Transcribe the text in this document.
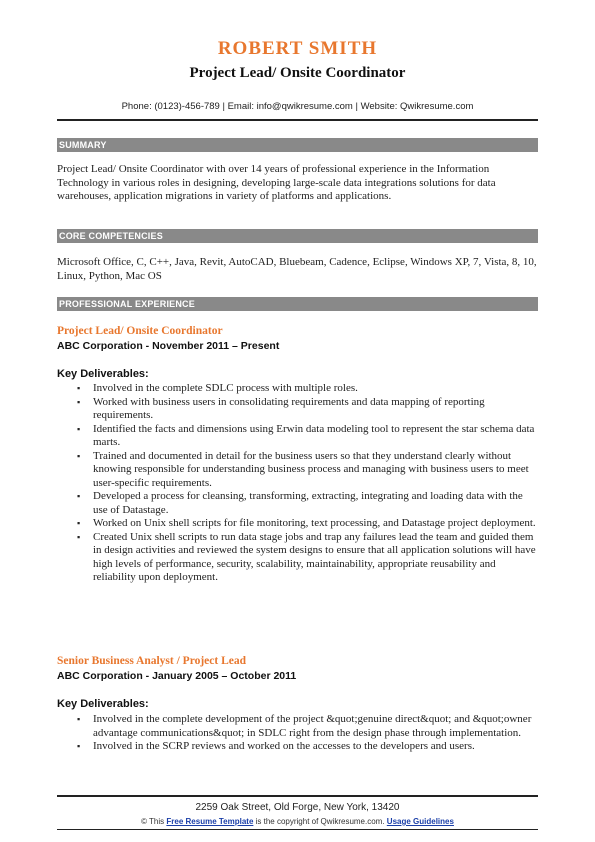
ROBERT SMITH
Project Lead/ Onsite Coordinator
Phone: (0123)-456-789 | Email: info@qwikresume.com | Website: Qwikresume.com
SUMMARY
Project Lead/ Onsite Coordinator with over 14 years of professional experience in the Information Technology in various roles in designing, developing large-scale data integrations solutions for data warehouses, application migrations in variety of platforms and applications.
CORE COMPETENCIES
Microsoft Office, C, C++, Java, Revit, AutoCAD, Bluebeam, Cadence, Eclipse, Windows XP, 7, Vista, 8, 10, Linux, Python, Mac OS
PROFESSIONAL EXPERIENCE
Project Lead/ Onsite Coordinator
ABC Corporation - November 2011 – Present
Key Deliverables:
▪ Involved in the complete SDLC process with multiple roles.
▪ Worked with business users in consolidating requirements and data mapping of reporting requirements.
▪ Identified the facts and dimensions using Erwin data modeling tool to represent the star schema data marts.
▪ Trained and documented in detail for the business users so that they understand clearly without knowing responsible for understanding business process and managing with business users to meet user-specific requirements.
▪ Developed a process for cleansing, transforming, extracting, integrating and loading data with the use of Datastage.
▪ Worked on Unix shell scripts for file monitoring, text processing, and Datastage project deployment.
▪ Created Unix shell scripts to run data stage jobs and trap any failures lead the team and guided them in design activities and reviewed the system designs to ensure that all application solutions will have high levels of performance, security, scalability, maintainability, appropriate reusability and reliability upon deployment.
Senior Business Analyst / Project Lead
ABC Corporation - January 2005 – October 2011
Key Deliverables:
▪ Involved in the complete development of the project &quot;genuine direct&quot; and &quot;owner advantage communications&quot; in SDLC right from the design phase through implementation.
▪ Involved in the SCRP reviews and worked on the accesses to the developers and users.
2259 Oak Street, Old Forge, New York, 13420
© This Free Resume Template is the copyright of Qwikresume.com. Usage Guidelines
